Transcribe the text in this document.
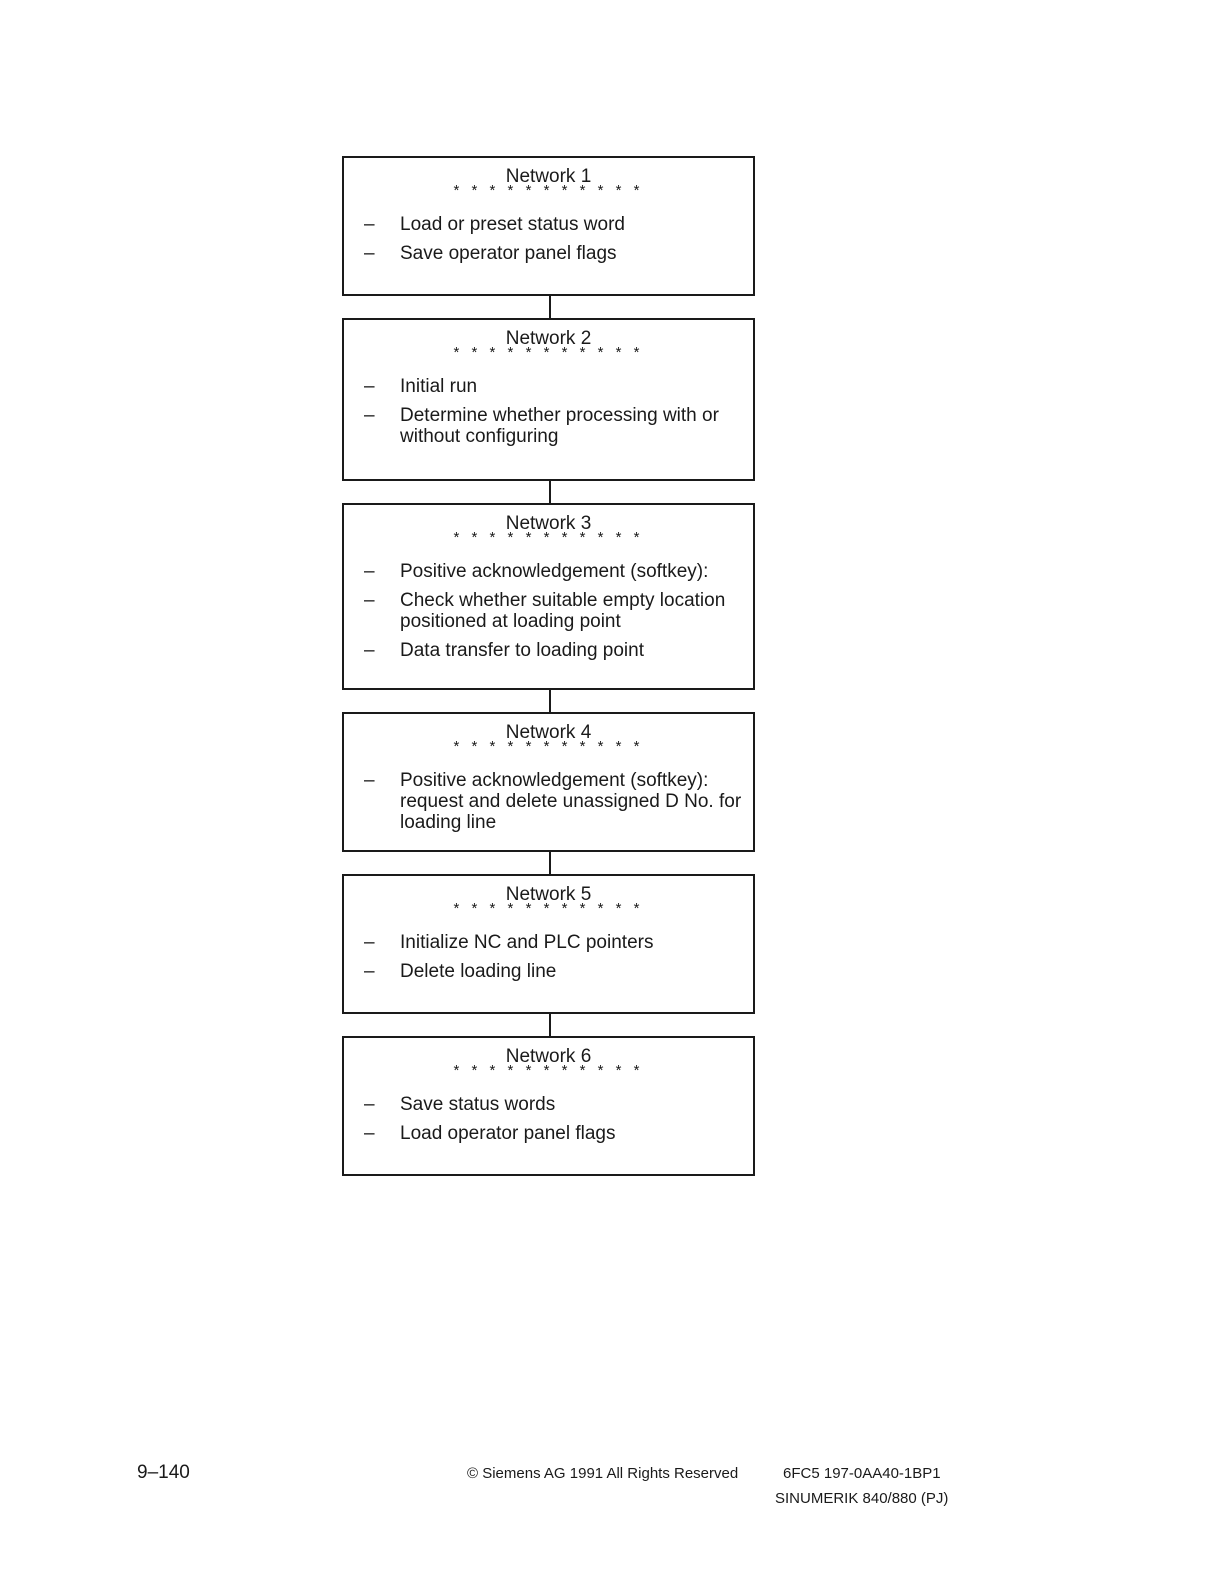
Network 1
* * * * * * * * * * *
–	Load or preset status word
–	Save operator panel flags
Network 2
* * * * * * * * * * *
–	Initial run
–	Determine whether processing with or without configuring
Network 3
* * * * * * * * * * *
–	Positive acknowledgement (softkey):
–	Check whether suitable empty location positioned at loading point
–	Data transfer to loading point
Network 4
* * * * * * * * * * *
–	Positive acknowledgement (softkey): request and delete unassigned D No. for loading line
Network 5
* * * * * * * * * * *
–	Initialize NC and PLC pointers
–	Delete loading line
Network 6
* * * * * * * * * * *
–	Save status words
–	Load operator panel flags
9–140	© Siemens AG 1991 All Rights Reserved	6FC5 197-0AA40-1BP1
SINUMERIK 840/880 (PJ)
